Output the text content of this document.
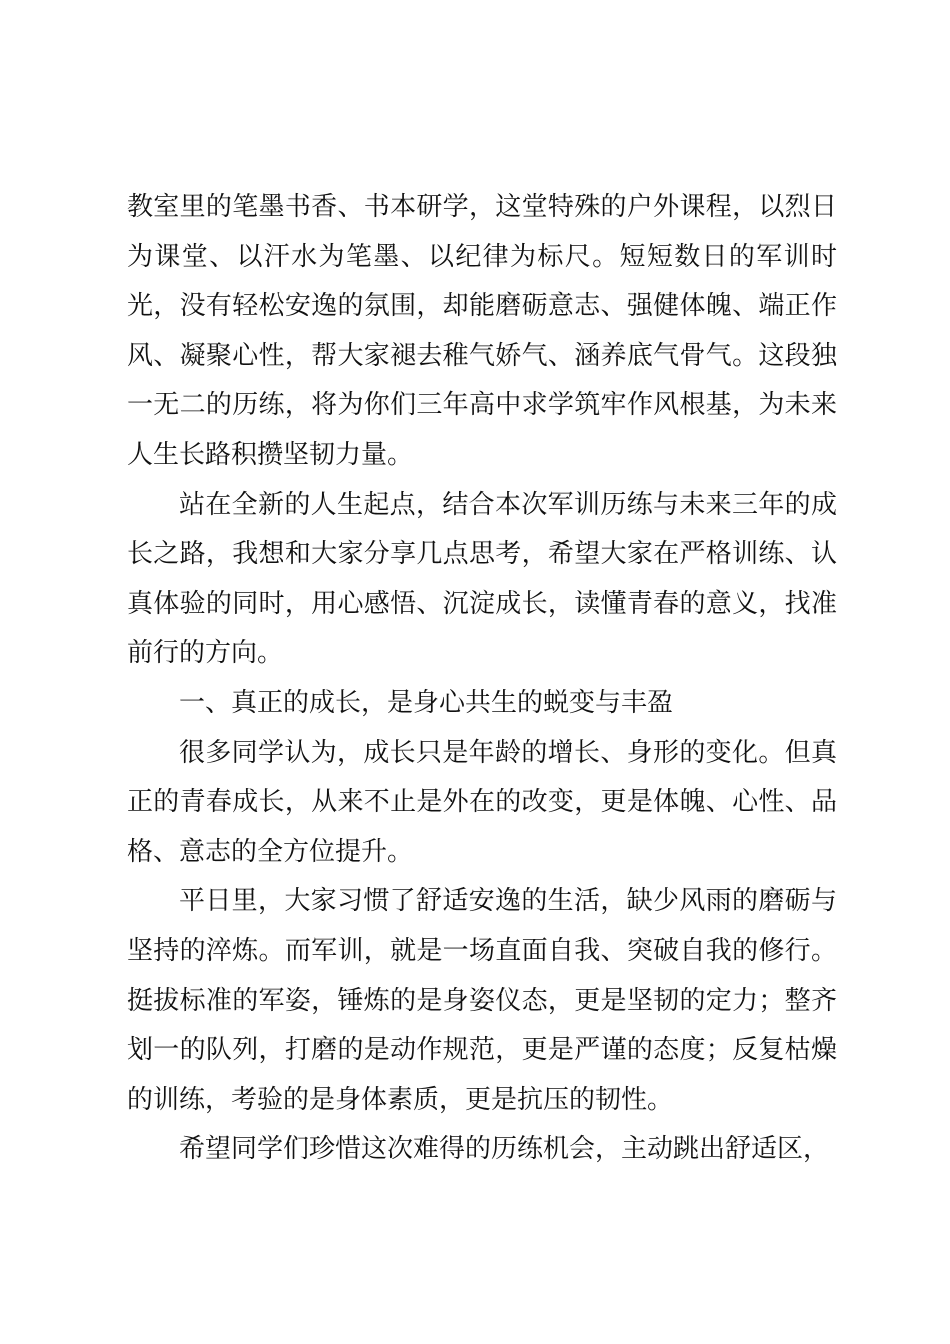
教室里的笔墨书香、书本研学，这堂特殊的户外课程，以烈日为课堂、以汗水为笔墨、以纪律为标尺。短短数日的军训时光，没有轻松安逸的氛围，却能磨砺意志、强健体魄、端正作风、凝聚心性，帮大家褪去稚气娇气、涵养底气骨气。这段独一无二的历练，将为你们三年高中求学筑牢作风根基，为未来人生长路积攒坚韧力量。

站在全新的人生起点，结合本次军训历练与未来三年的成长之路，我想和大家分享几点思考，希望大家在严格训练、认真体验的同时，用心感悟、沉淀成长，读懂青春的意义，找准前行的方向。

一、真正的成长，是身心共生的蜕变与丰盈

很多同学认为，成长只是年龄的增长、身形的变化。但真正的青春成长，从来不止是外在的改变，更是体魄、心性、品格、意志的全方位提升。

平日里，大家习惯了舒适安逸的生活，缺少风雨的磨砺与坚持的淬炼。而军训，就是一场直面自我、突破自我的修行。挺拔标准的军姿，锤炼的是身姿仪态，更是坚韧的定力；整齐划一的队列，打磨的是动作规范，更是严谨的态度；反复枯燥的训练，考验的是身体素质，更是抗压的韧性。

希望同学们珍惜这次难得的历练机会，主动跳出舒适区，
